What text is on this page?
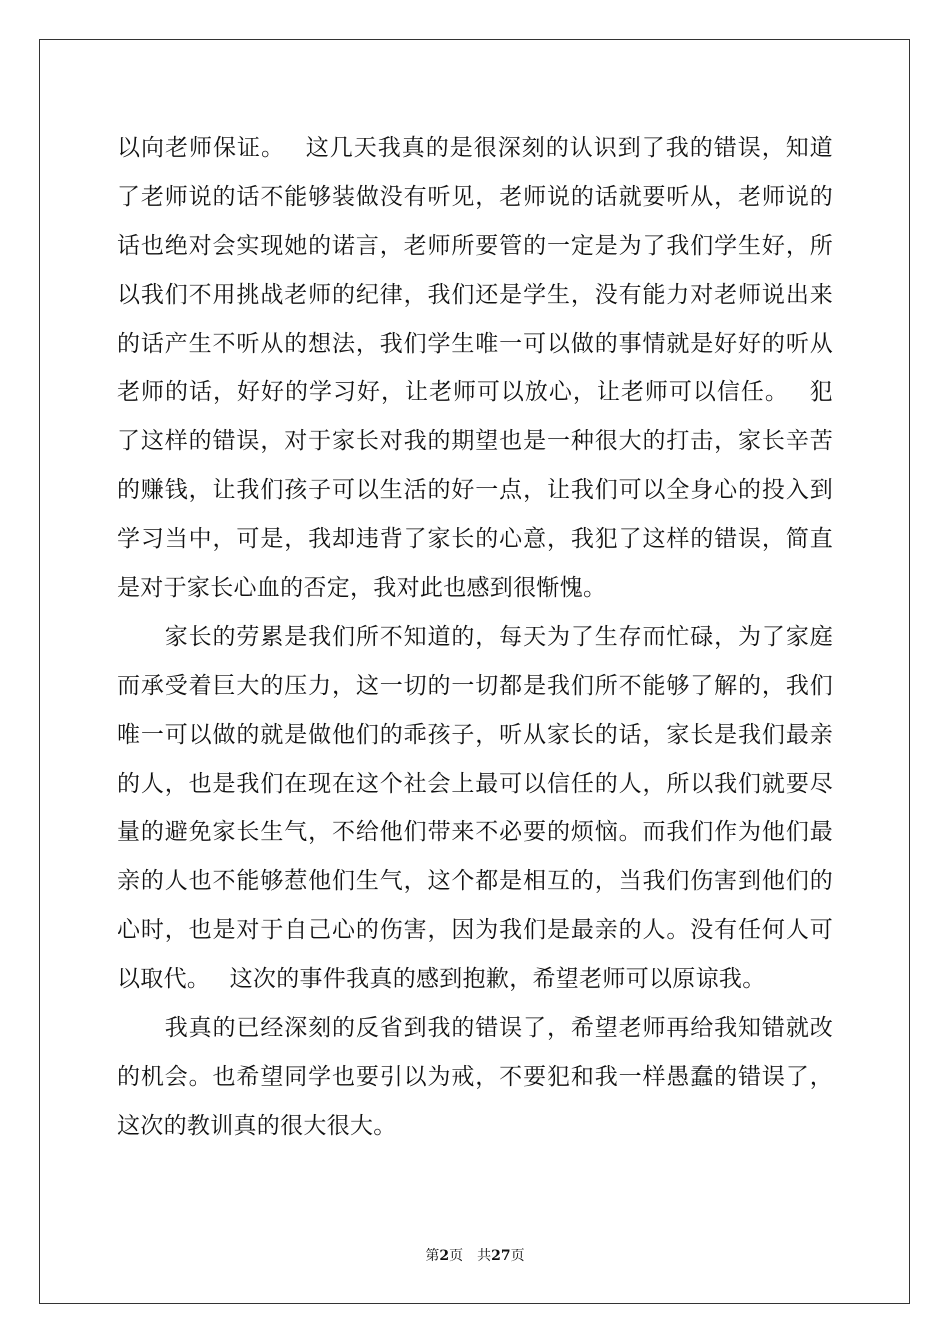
以向老师保证。　 这几天我真的是很深刻的认识到了我的错误，知道
了老师说的话不能够装做没有听见，老师说的话就要听从，老师说的
话也绝对会实现她的诺言，老师所要管的一定是为了我们学生好，所
以我们不用挑战老师的纪律，我们还是学生，没有能力对老师说出来
的话产生不听从的想法，我们学生唯一可以做的事情就是好好的听从
老师的话，好好的学习好，让老师可以放心，让老师可以信任。　 犯
了这样的错误，对于家长对我的期望也是一种很大的打击，家长辛苦
的赚钱，让我们孩子可以生活的好一点，让我们可以全身心的投入到
学习当中，可是，我却违背了家长的心意，我犯了这样的错误，简直
是对于家长心血的否定，我对此也感到很惭愧。
　　家长的劳累是我们所不知道的，每天为了生存而忙碌，为了家庭
而承受着巨大的压力，这一切的一切都是我们所不能够了解的，我们
唯一可以做的就是做他们的乖孩子，听从家长的话，家长是我们最亲
的人，也是我们在现在这个社会上最可以信任的人，所以我们就要尽
量的避免家长生气，不给他们带来不必要的烦恼。而我们作为他们最
亲的人也不能够惹他们生气，这个都是相互的，当我们伤害到他们的
心时，也是对于自己心的伤害，因为我们是最亲的人。没有任何人可
以取代。　 这次的事件我真的感到抱歉，希望老师可以原谅我。
　　我真的已经深刻的反省到我的错误了，希望老师再给我知错就改
的机会。也希望同学也要引以为戒，不要犯和我一样愚蠢的错误了，
这次的教训真的很大很大。
第2页 共27页
